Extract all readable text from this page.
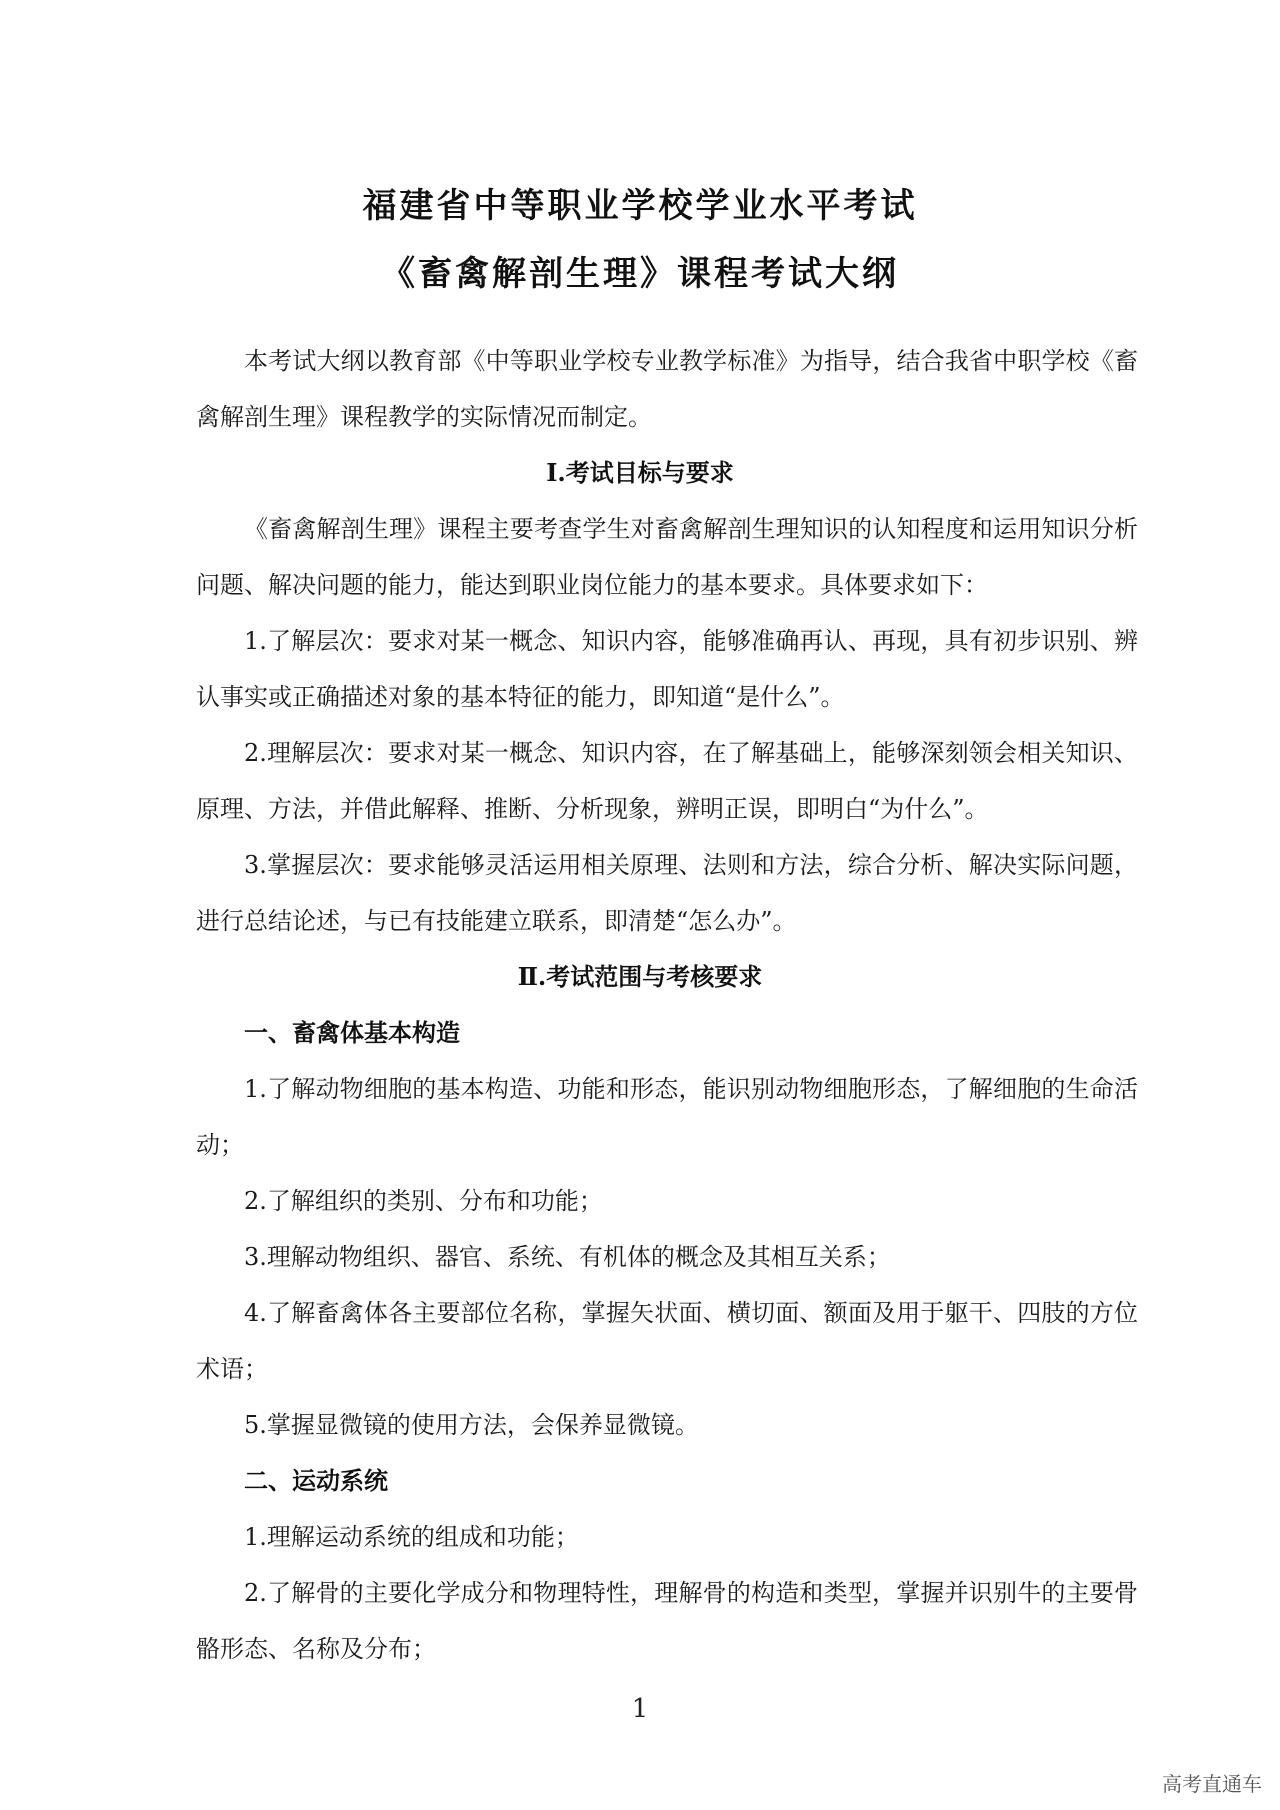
福建省中等职业学校学业水平考试
《畜禽解剖生理》课程考试大纲

本考试大纲以教育部《中等职业学校专业教学标准》为指导，结合我省中职学校《畜禽解剖生理》课程教学的实际情况而制定。

Ⅰ.考试目标与要求

《畜禽解剖生理》课程主要考查学生对畜禽解剖生理知识的认知程度和运用知识分析问题、解决问题的能力，能达到职业岗位能力的基本要求。具体要求如下：

1.了解层次：要求对某一概念、知识内容，能够准确再认、再现，具有初步识别、辨认事实或正确描述对象的基本特征的能力，即知道“是什么”。

2.理解层次：要求对某一概念、知识内容，在了解基础上，能够深刻领会相关知识、原理、方法，并借此解释、推断、分析现象，辨明正误，即明白“为什么”。

3.掌握层次：要求能够灵活运用相关原理、法则和方法，综合分析、解决实际问题，进行总结论述，与已有技能建立联系，即清楚“怎么办”。

Ⅱ.考试范围与考核要求
一、畜禽体基本构造

1.了解动物细胞的基本构造、功能和形态，能识别动物细胞形态，了解细胞的生命活动；

2.了解组织的类别、分布和功能；

3.理解动物组织、器官、系统、有机体的概念及其相互关系；

4.了解畜禽体各主要部位名称，掌握矢状面、横切面、额面及用于躯干、四肢的方位术语；

5.掌握显微镜的使用方法，会保养显微镜。

二、运动系统

1.理解运动系统的组成和功能；

2.了解骨的主要化学成分和物理特性，理解骨的构造和类型，掌握并识别牛的主要骨骼形态、名称及分布；

1
高考直通车
